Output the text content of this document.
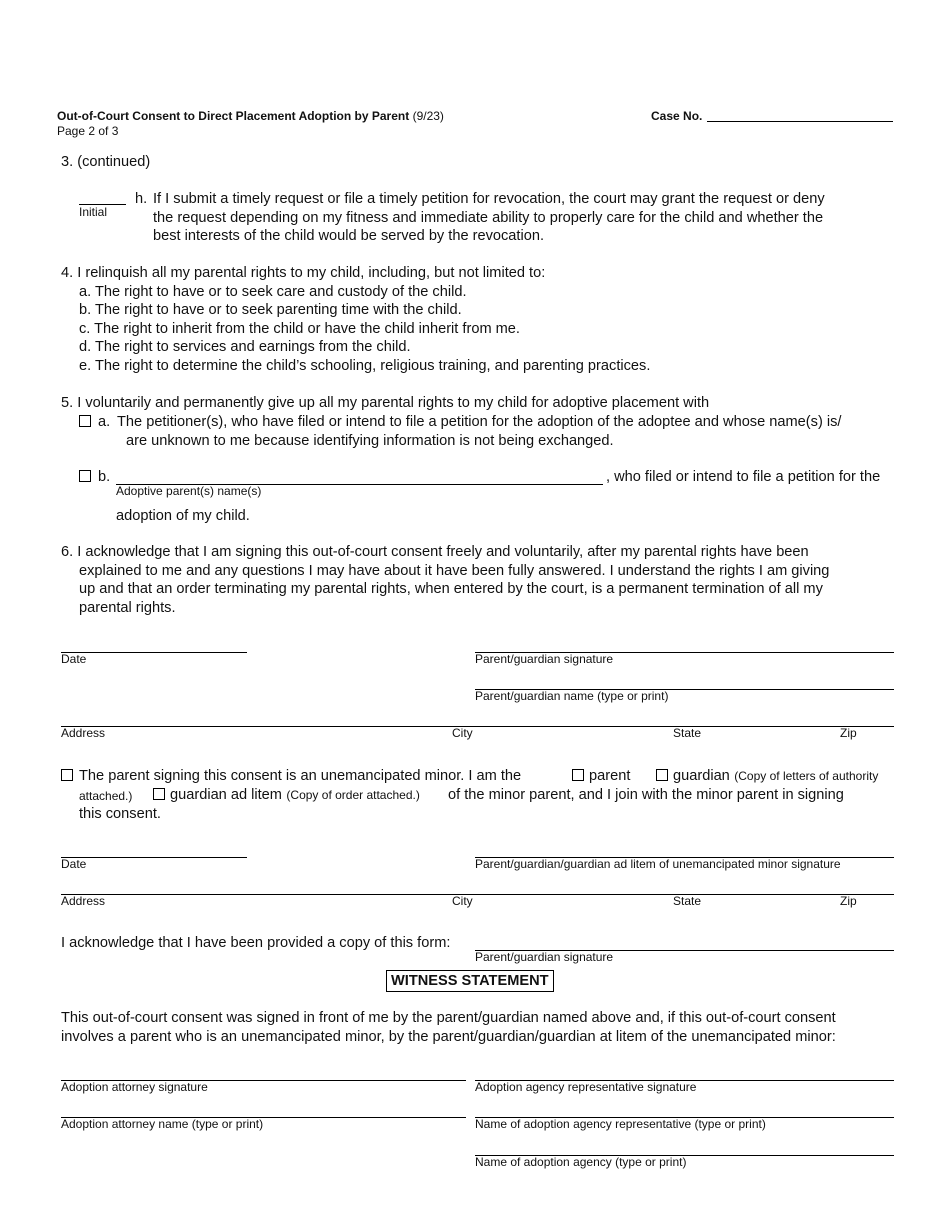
Out-of-Court Consent to Direct Placement Adoption by Parent (9/23)
Page 2 of 3
Case No.
3. (continued)
Initial
h. If I submit a timely request or file a timely petition for revocation, the court may grant the request or deny
the request depending on my fitness and immediate ability to properly care for the child and whether the
best interests of the child would be served by the revocation.
4. I relinquish all my parental rights to my child, including, but not limited to:
a. The right to have or to seek care and custody of the child.
b. The right to have or to seek parenting time with the child.
c. The right to inherit from the child or have the child inherit from me.
d. The right to services and earnings from the child.
e. The right to determine the child’s schooling, religious training, and parenting practices.
5. I voluntarily and permanently give up all my parental rights to my child for adoptive placement with
a. The petitioner(s), who have filed or intend to file a petition for the adoption of the adoptee and whose name(s) is/
are unknown to me because identifying information is not being exchanged.
b.	, who filed or intend to file a petition for the
Adoptive parent(s) name(s)
adoption of my child.
6. I acknowledge that I am signing this out-of-court consent freely and voluntarily, after my parental rights have been
explained to me and any questions I may have about it have been fully answered. I understand the rights I am giving
up and that an order terminating my parental rights, when entered by the court, is a permanent termination of all my
parental rights.
Date	Parent/guardian signature
Parent/guardian name (type or print)
Address	City	State	Zip
The parent signing this consent is an unemancipated minor. I am the	parent	guardian (Copy of letters of authority
attached.)	guardian ad litem (Copy of order attached.) of the minor parent, and I join with the minor parent in signing
this consent.
Date	Parent/guardian/guardian ad litem of unemancipated minor signature
Address	City	State	Zip
I acknowledge that I have been provided a copy of this form:
Parent/guardian signature
WITNESS STATEMENT
This out-of-court consent was signed in front of me by the parent/guardian named above and, if this out-of-court consent
involves a parent who is an unemancipated minor, by the parent/guardian/guardian at litem of the unemancipated minor:
Adoption attorney signature	Adoption agency representative signature
Adoption attorney name (type or print)	Name of adoption agency representative (type or print)
Name of adoption agency (type or print)
